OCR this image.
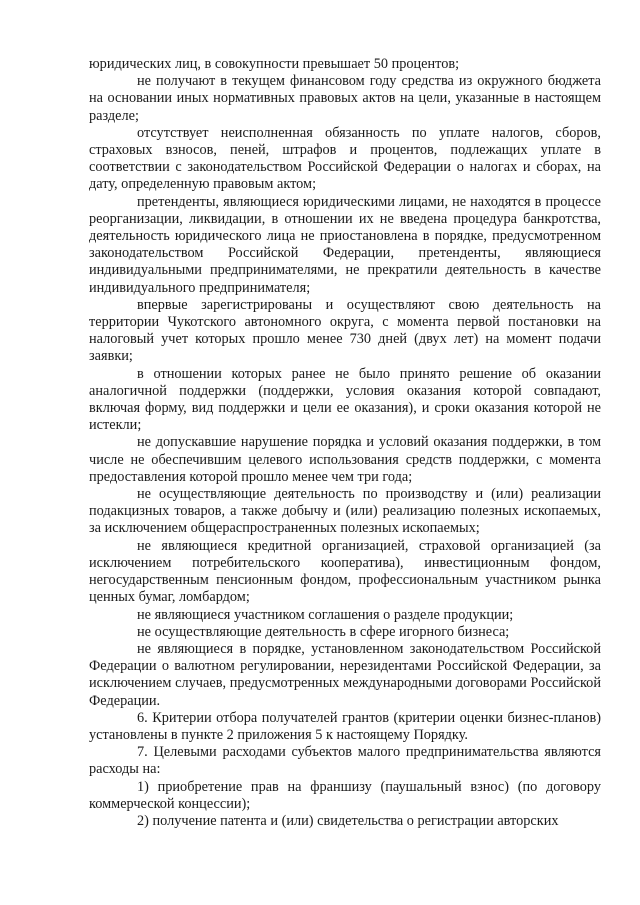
юридических лиц, в совокупности превышает 50 процентов;

не получают в текущем финансовом году средства из окружного бюджета на основании иных нормативных правовых актов на цели, указанные в настоящем разделе;

отсутствует неисполненная обязанность по уплате налогов, сборов, страховых взносов, пеней, штрафов и процентов, подлежащих уплате в соответствии с законодательством Российской Федерации о налогах и сборах, на дату, определенную правовым актом;

претенденты, являющиеся юридическими лицами, не находятся в процессе реорганизации, ликвидации, в отношении их не введена процедура банкротства, деятельность юридического лица не приостановлена в порядке, предусмотренном законодательством Российской Федерации, претенденты, являющиеся индивидуальными предпринимателями, не прекратили деятельность в качестве индивидуального предпринимателя;

впервые зарегистрированы и осуществляют свою деятельность на территории Чукотского автономного округа, с момента первой постановки на налоговый учет которых прошло менее 730 дней (двух лет) на момент подачи заявки;

в отношении которых ранее не было принято решение об оказании аналогичной поддержки (поддержки, условия оказания которой совпадают, включая форму, вид поддержки и цели ее оказания), и сроки оказания которой не истекли;

не допускавшие нарушение порядка и условий оказания поддержки, в том числе не обеспечившим целевого использования средств поддержки, с момента предоставления которой прошло менее чем три года;

не осуществляющие деятельность по производству и (или) реализации подакцизных товаров, а также добычу и (или) реализацию полезных ископаемых, за исключением общераспространенных полезных ископаемых;

не являющиеся кредитной организацией, страховой организацией (за исключением потребительского кооператива), инвестиционным фондом, негосударственным пенсионным фондом, профессиональным участником рынка ценных бумаг, ломбардом;

не являющиеся участником соглашения о разделе продукции;

не осуществляющие деятельность в сфере игорного бизнеса;

не являющиеся в порядке, установленном законодательством Российской Федерации о валютном регулировании, нерезидентами Российской Федерации, за исключением случаев, предусмотренных международными договорами Российской Федерации.

6. Критерии отбора получателей грантов (критерии оценки бизнес-планов) установлены в пункте 2 приложения 5 к настоящему Порядку.

7. Целевыми расходами субъектов малого предпринимательства являются расходы на:

1) приобретение прав на франшизу (паушальный взнос) (по договору коммерческой концессии);

2) получение патента и (или) свидетельства о регистрации авторских
